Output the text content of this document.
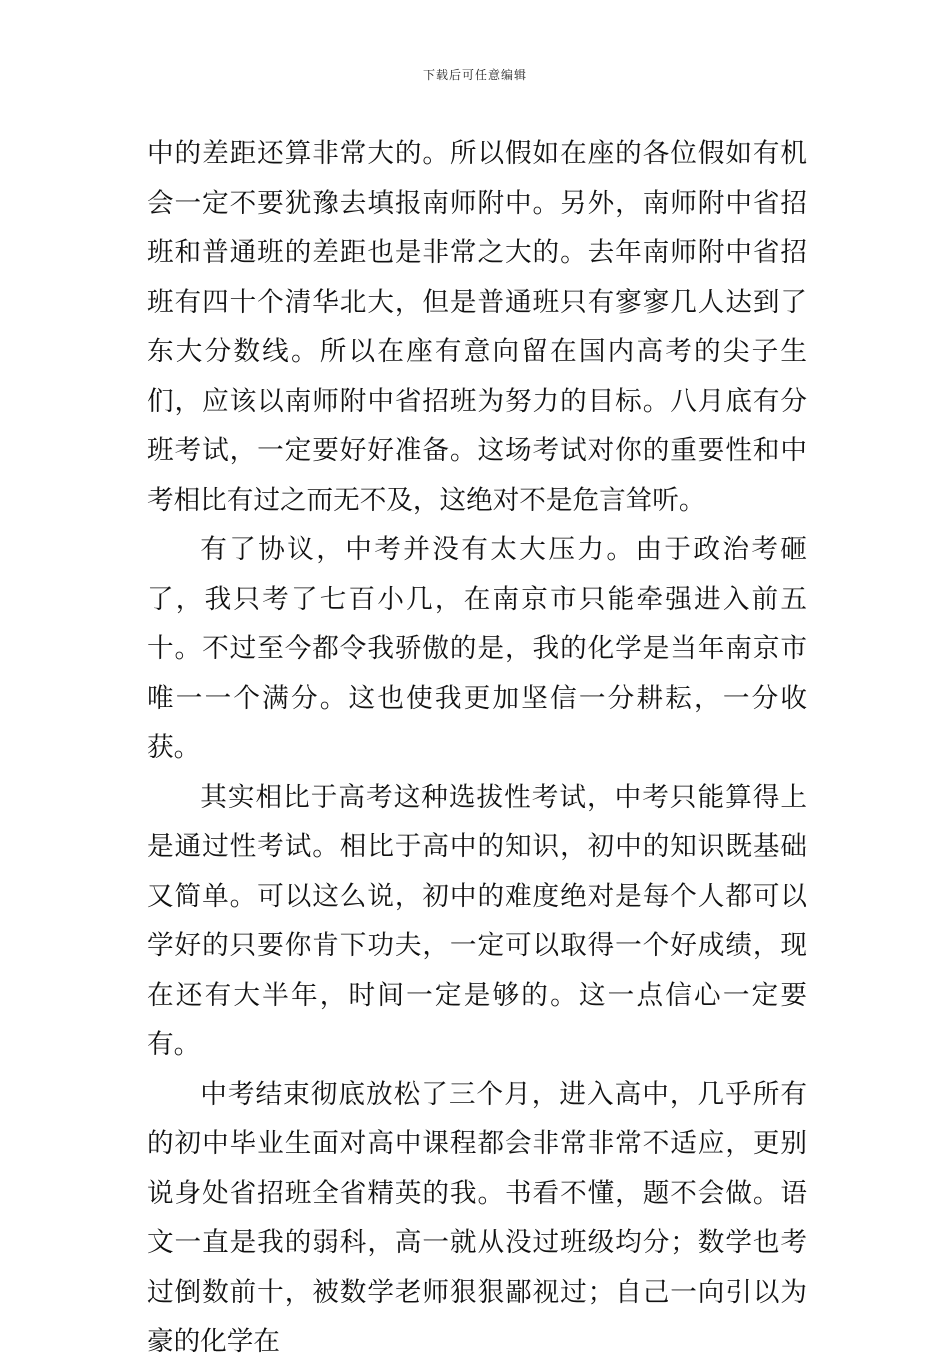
下载后可任意编辑

中的差距还算非常大的。所以假如在座的各位假如有机会一定不要犹豫去填报南师附中。另外，南师附中省招班和普通班的差距也是非常之大的。去年南师附中省招班有四十个清华北大，但是普通班只有寥寥几人达到了东大分数线。所以在座有意向留在国内高考的尖子生们，应该以南师附中省招班为努力的目标。八月底有分班考试，一定要好好准备。这场考试对你的重要性和中考相比有过之而无不及，这绝对不是危言耸听。

有了协议，中考并没有太大压力。由于政治考砸了，我只考了七百小几，在南京市只能牵强进入前五十。不过至今都令我骄傲的是，我的化学是当年南京市唯一一个满分。这也使我更加坚信一分耕耘，一分收获。

其实相比于高考这种选拔性考试，中考只能算得上是通过性考试。相比于高中的知识，初中的知识既基础又简单。可以这么说，初中的难度绝对是每个人都可以学好的只要你肯下功夫，一定可以取得一个好成绩，现在还有大半年，时间一定是够的。这一点信心一定要有。

中考结束彻底放松了三个月，进入高中，几乎所有的初中毕业生面对高中课程都会非常非常不适应，更别说身处省招班全省精英的我。书看不懂，题不会做。语文一直是我的弱科，高一就从没过班级均分；数学也考过倒数前十，被数学老师狠狠鄙视过；自己一向引以为豪的化学在
